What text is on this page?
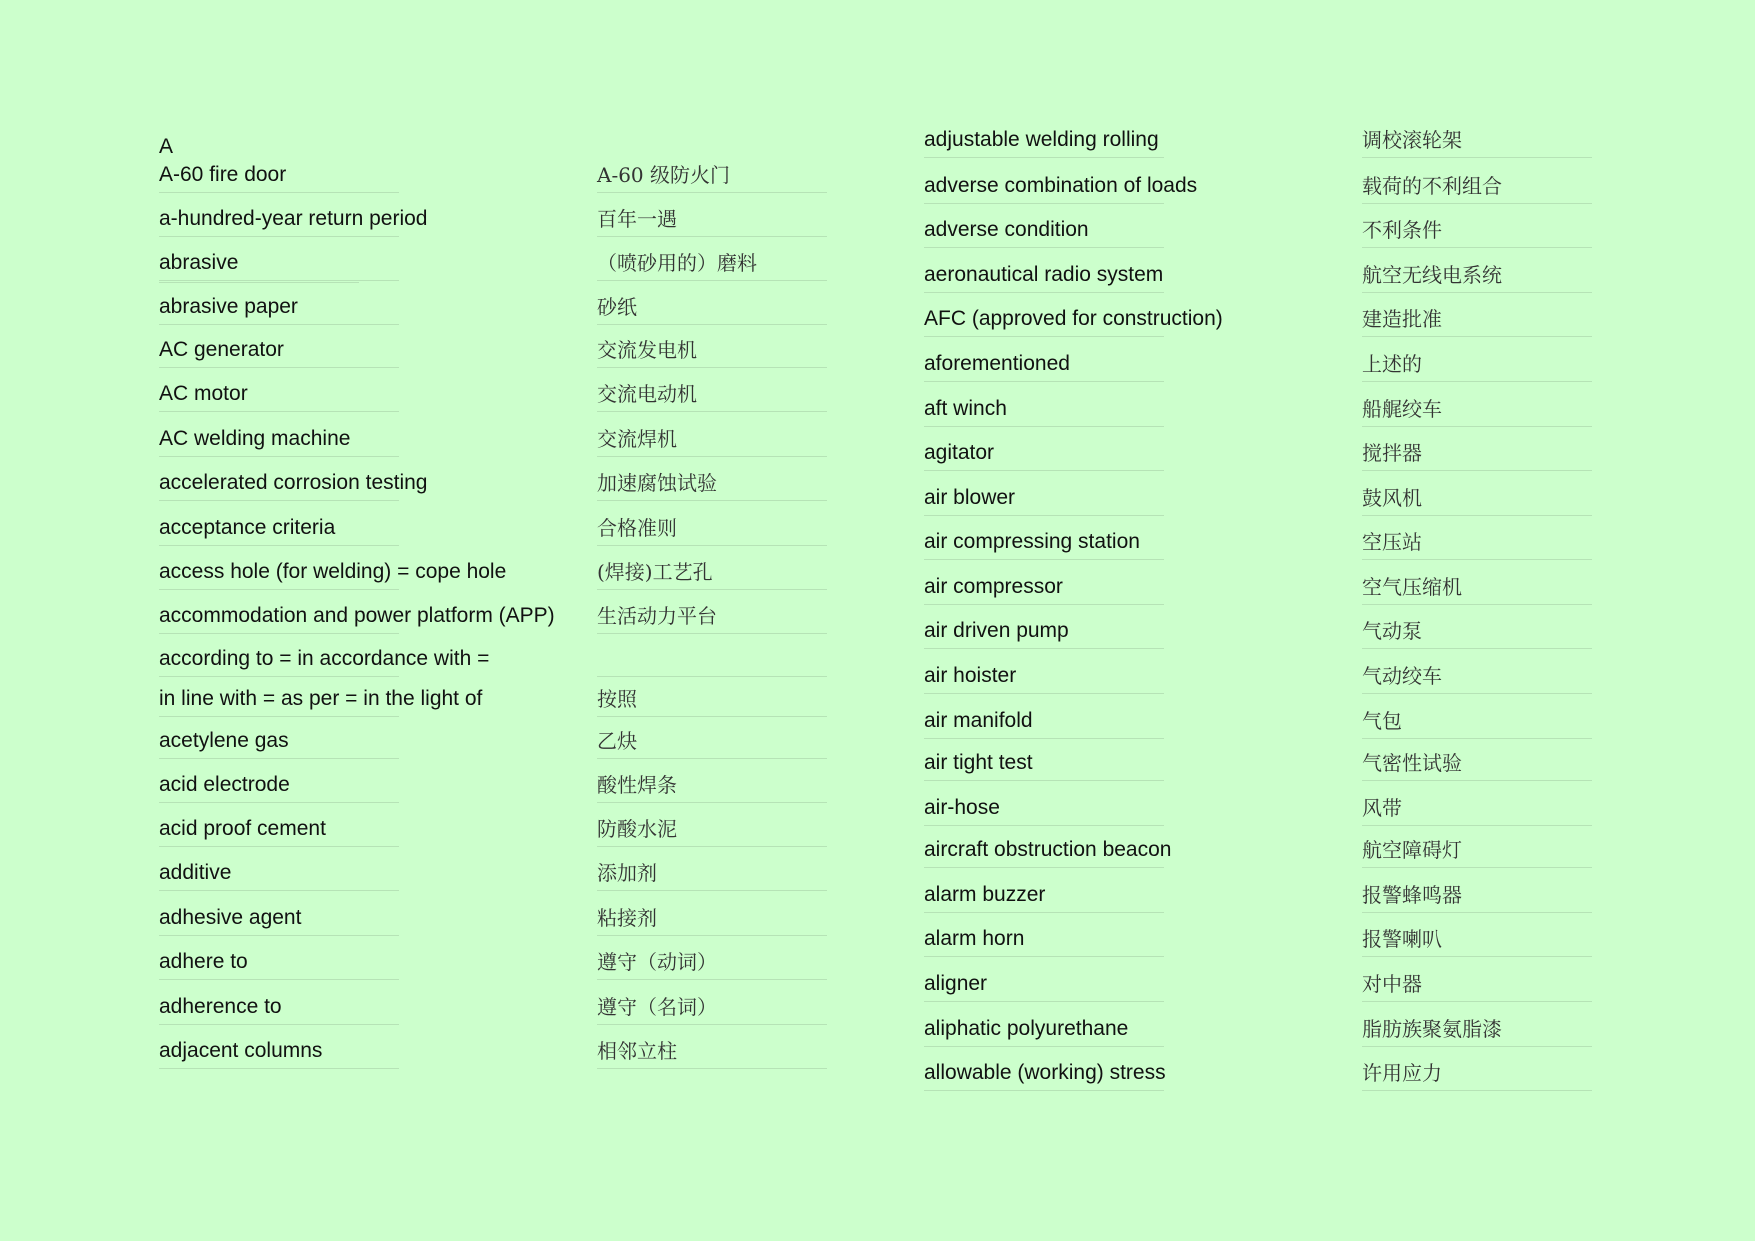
A
A-60 fire door	A-60 级防火门
a-hundred-year return period	百年一遇
abrasive	（喷砂用的）磨料
abrasive paper	砂纸
AC generator	交流发电机
AC motor	交流电动机
AC welding machine	交流焊机
accelerated corrosion testing	加速腐蚀试验
acceptance criteria	合格准则
access hole (for welding) = cope hole	(焊接)工艺孔
accommodation and power platform (APP) 生活动力平台
according to = in accordance with =
in line with = as per = in the light of	按照
acetylene gas	乙炔
acid electrode	酸性焊条
acid proof cement	防酸水泥
additive	添加剂
adhesive agent	粘接剂
adhere to	遵守（动词）
adherence to	遵守（名词）
adjacent columns	相邻立柱
adjustable welding rolling	调校滚轮架
adverse combination of loads	载荷的不利组合
adverse condition	不利条件
aeronautical radio system	航空无线电系统
AFC (approved for construction)	建造批准
aforementioned	上述的
aft winch	船艉绞车
agitator	搅拌器
air blower	鼓风机
air compressing station	空压站
air compressor	空气压缩机
air driven pump	气动泵
air hoister	气动绞车
air manifold	气包
air tight test	气密性试验
air-hose	风带
aircraft obstruction beacon	航空障碍灯
alarm buzzer	报警蜂鸣器
alarm horn	报警喇叭
aligner	对中器
aliphatic polyurethane	脂肪族聚氨脂漆
allowable (working) stress	许用应力
